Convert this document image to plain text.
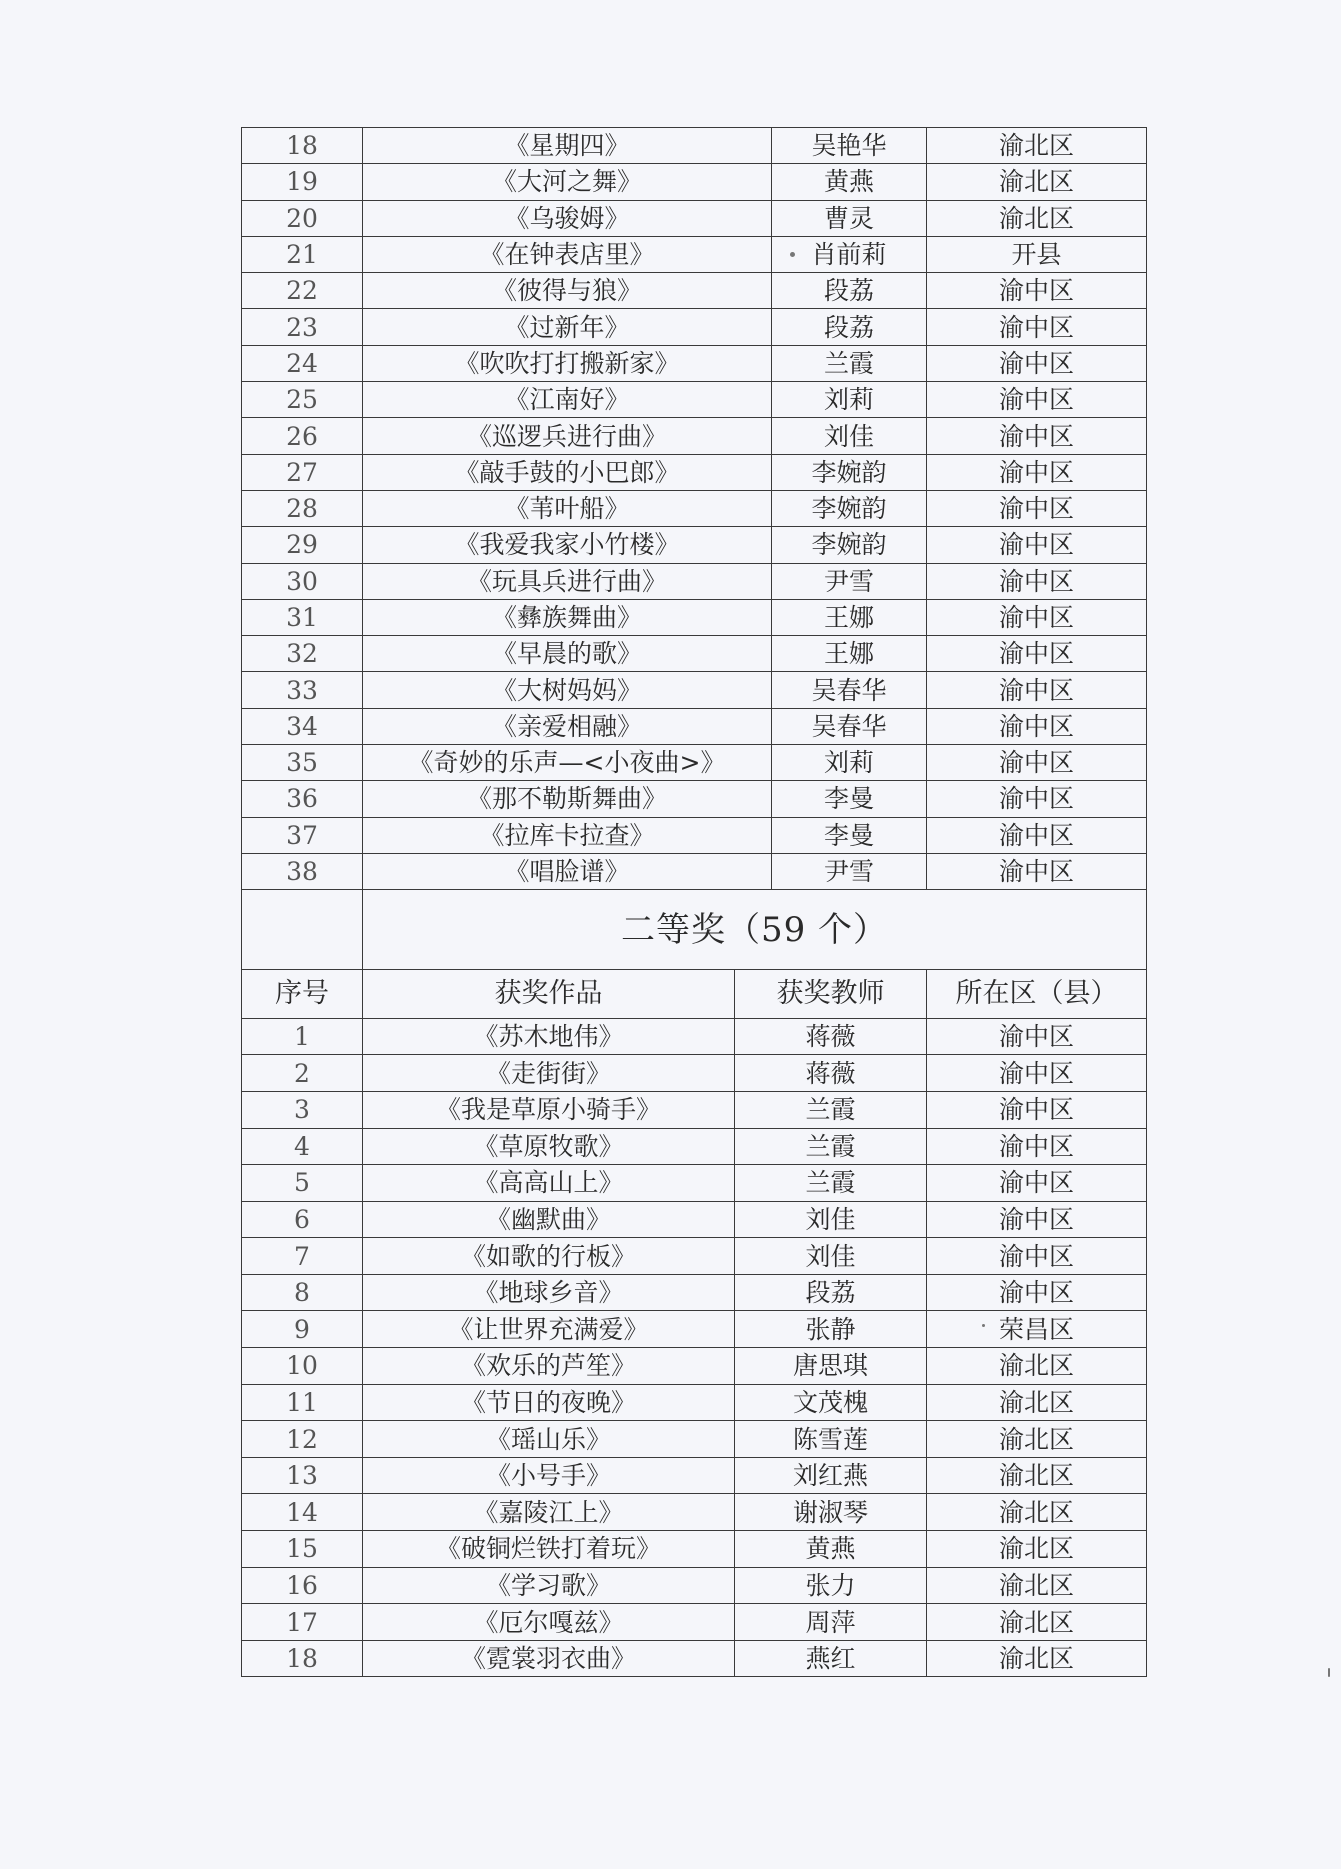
18	《星期四》	吴艳华	渝北区
19	《大河之舞》	黄燕	渝北区
20	《乌骏姆》	曹灵	渝北区
21	《在钟表店里》	肖前莉	开县
22	《彼得与狼》	段荔	渝中区
23	《过新年》	段荔	渝中区
24	《吹吹打打搬新家》	兰霞	渝中区
25	《江南好》	刘莉	渝中区
26	《巡逻兵进行曲》	刘佳	渝中区
27	《敲手鼓的小巴郎》	李婉韵	渝中区
28	《苇叶船》	李婉韵	渝中区
29	《我爱我家小竹楼》	李婉韵	渝中区
30	《玩具兵进行曲》	尹雪	渝中区
31	《彝族舞曲》	王娜	渝中区
32	《早晨的歌》	王娜	渝中区
33	《大树妈妈》	吴春华	渝中区
34	《亲爱相融》	吴春华	渝中区
35	《奇妙的乐声—<小夜曲>》	刘莉	渝中区
36	《那不勒斯舞曲》	李曼	渝中区
37	《拉库卡拉查》	李曼	渝中区
38	《唱脸谱》	尹雪	渝中区
	二等奖（59 个）		
序号	获奖作品	获奖教师	所在区（县）
1	《苏木地伟》	蒋薇	渝中区
2	《走街街》	蒋薇	渝中区
3	《我是草原小骑手》	兰霞	渝中区
4	《草原牧歌》	兰霞	渝中区
5	《高高山上》	兰霞	渝中区
6	《幽默曲》	刘佳	渝中区
7	《如歌的行板》	刘佳	渝中区
8	《地球乡音》	段荔	渝中区
9	《让世界充满爱》	张静	荣昌区
10	《欢乐的芦笙》	唐思琪	渝北区
11	《节日的夜晚》	文茂槐	渝北区
12	《瑶山乐》	陈雪莲	渝北区
13	《小号手》	刘红燕	渝北区
14	《嘉陵江上》	谢淑琴	渝北区
15	《破铜烂铁打着玩》	黄燕	渝北区
16	《学习歌》	张力	渝北区
17	《厄尔嘎兹》	周萍	渝北区
18	《霓裳羽衣曲》	燕红	渝北区
